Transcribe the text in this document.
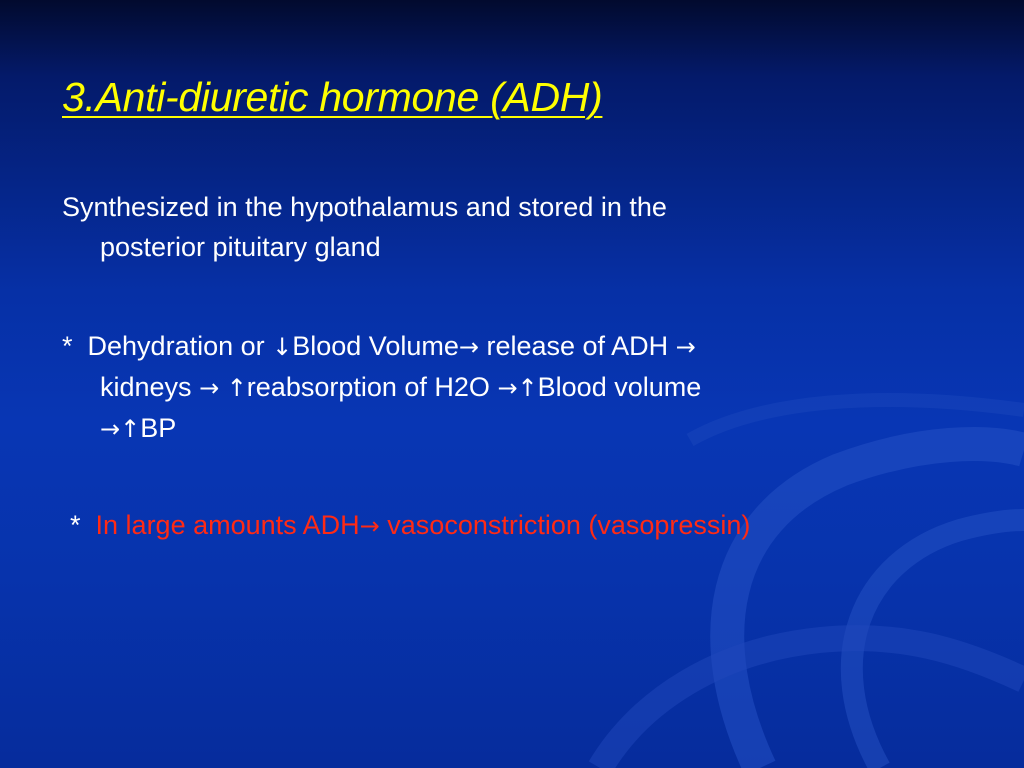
3.Anti-diuretic hormone (ADH)

Synthesized in the hypothalamus and stored in the
posterior pituitary gland

* Dehydration or ↓Blood Volume→ release of ADH →
kidneys → ↑reabsorption of H2O →↑Blood volume
→↑BP

* In large amounts ADH→ vasoconstriction (vasopressin)
